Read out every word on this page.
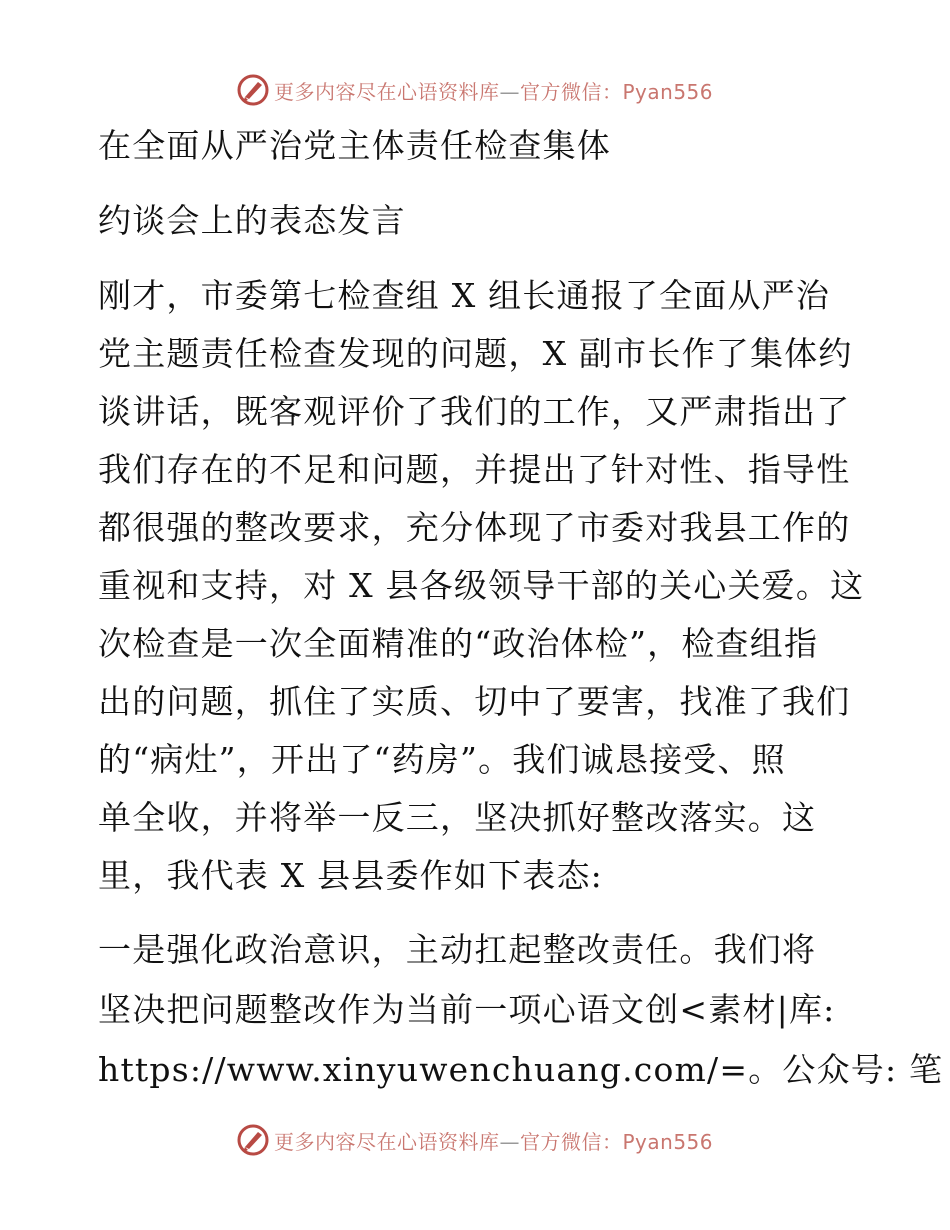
更多内容尽在心语资料库—官方微信：Pyan556
在全面从严治党主体责任检查集体
约谈会上的表态发言
刚才，市委第七检查组 X 组长通报了全面从严治
党主题责任检查发现的问题，X 副市长作了集体约
谈讲话，既客观评价了我们的工作，又严肃指出了
我们存在的不足和问题，并提出了针对性、指导性
都很强的整改要求，充分体现了市委对我县工作的
重视和支持，对 X 县各级领导干部的关心关爱。这
次检查是一次全面精准的“政治体检”，检查组指
出的问题，抓住了实质、切中了要害，找准了我们
的“病灶”，开出了“药房”。我们诚恳接受、照
单全收，并将举一反三，坚决抓好整改落实。这
里，我代表 X 县县委作如下表态:
一是强化政治意识，主动扛起整改责任。我们将
坚决把问题整改作为当前一项心语文创<素材|库:
https://www.xinyuwenchuang.com/=。公众号: 笔
更多内容尽在心语资料库—官方微信：Pyan556
